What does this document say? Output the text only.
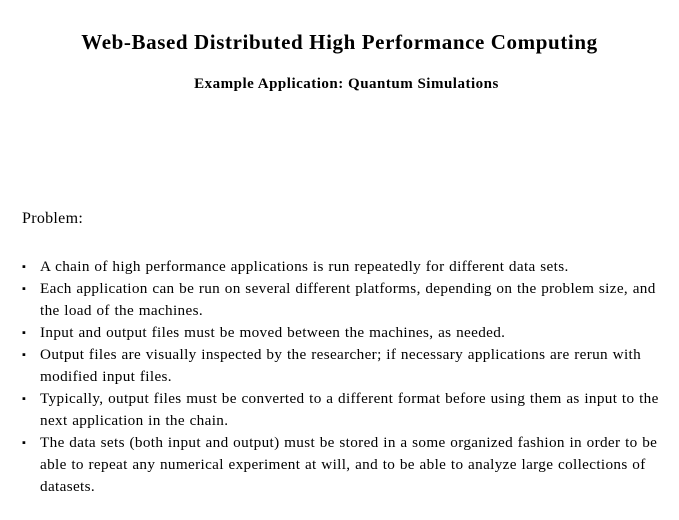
Web-Based Distributed High Performance Computing
Example Application: Quantum Simulations

Problem:

▪ A chain of high performance applications is run repeatedly for different data sets.
▪ Each application can be run on several different platforms, depending on the problem size, and the load of the machines.
▪ Input and output files must be moved between the machines, as needed.
▪ Output files are visually inspected by the researcher; if necessary applications are rerun with modified input files.
▪ Typically, output files must be converted to a different format before using them as input to the next application in the chain.
▪ The data sets (both input and output) must be stored in a some organized fashion in order to be able to repeat any numerical experiment at will, and to be able to analyze large collections of datasets.
